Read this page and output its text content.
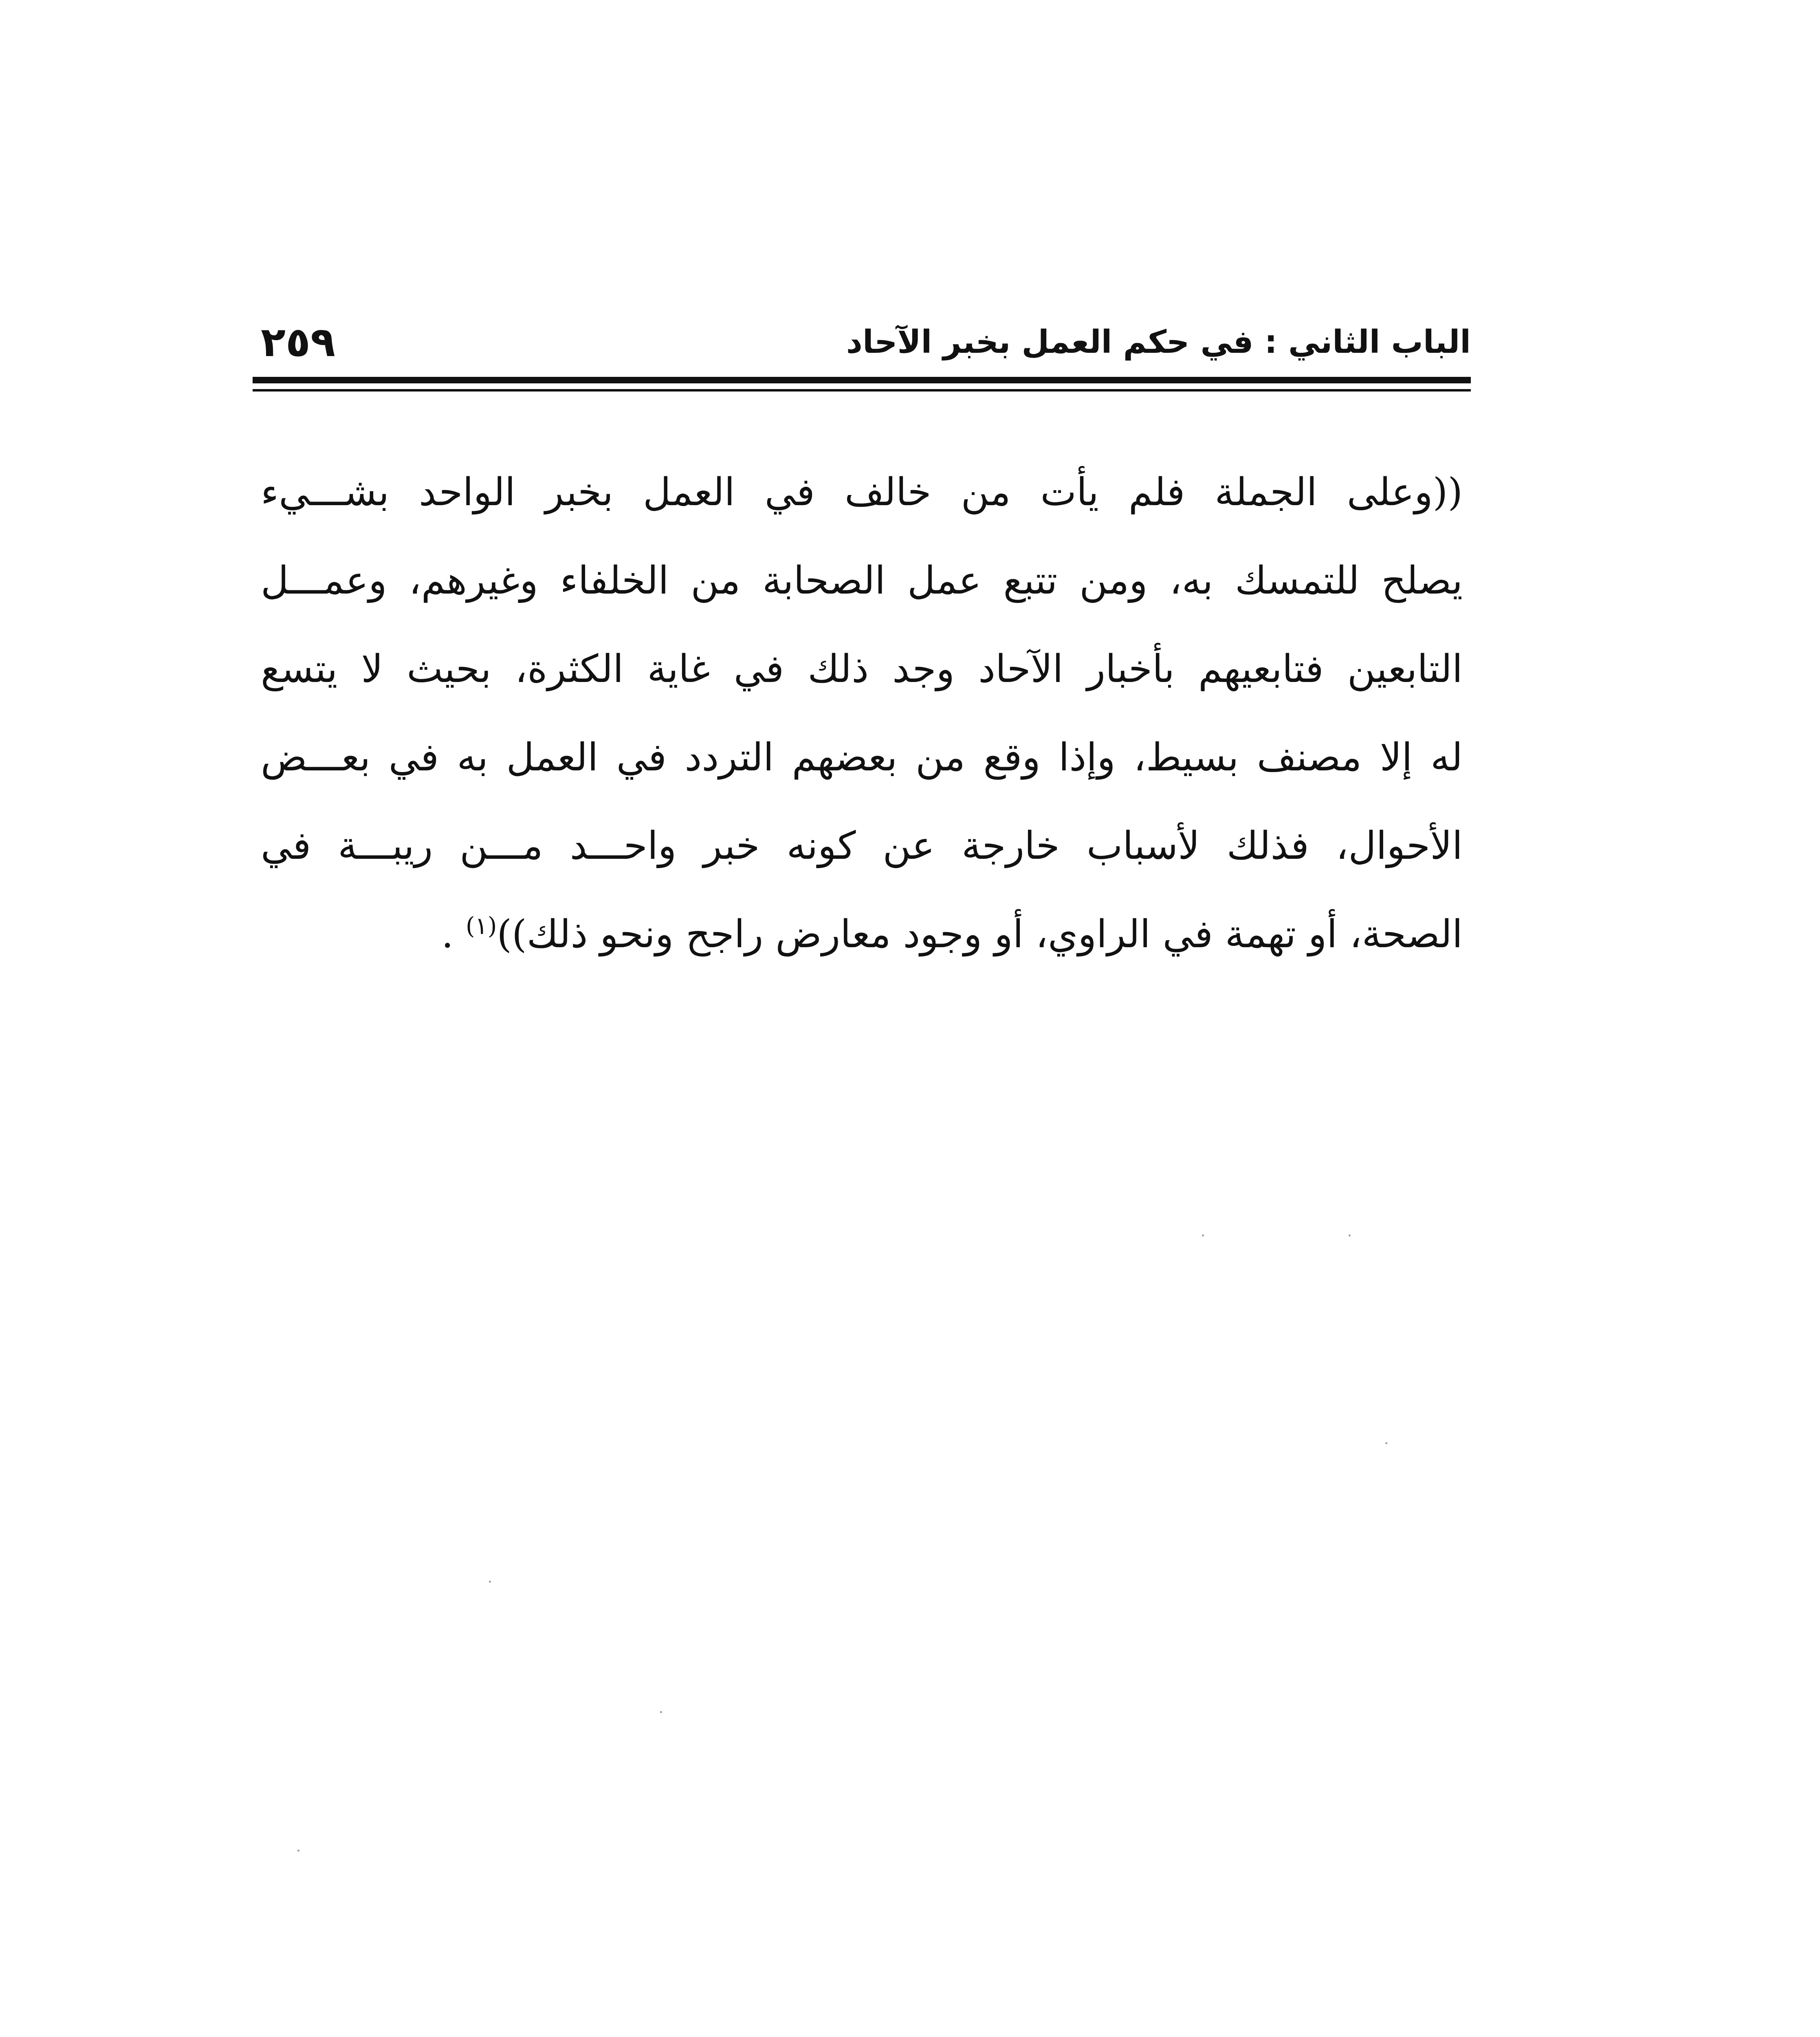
الباب الثاني : في حكم العمل بخبر الآحاد
٢٥٩
((وعلى الجملة فلم يأت من خالف في العمل بخبر الواحد بشـــيء
يصلح للتمسك به، ومن تتبع عمل الصحابة من الخلفاء وغيرهم، وعمـــل
التابعين فتابعيهم بأخبار الآحاد وجد ذلك في غاية الكثرة، بحيث لا يتسع
له إلا مصنف بسيط، وإذا وقع من بعضهم التردد في العمل به في بعـــض
الأحوال، فذلك لأسباب خارجة عن كونه خبر واحـــد مـــن ريبـــة في
الصحة، أو تهمة في الراوي، أو وجود معارض راجح ونحو ذلك))$^{(١)}$ .
